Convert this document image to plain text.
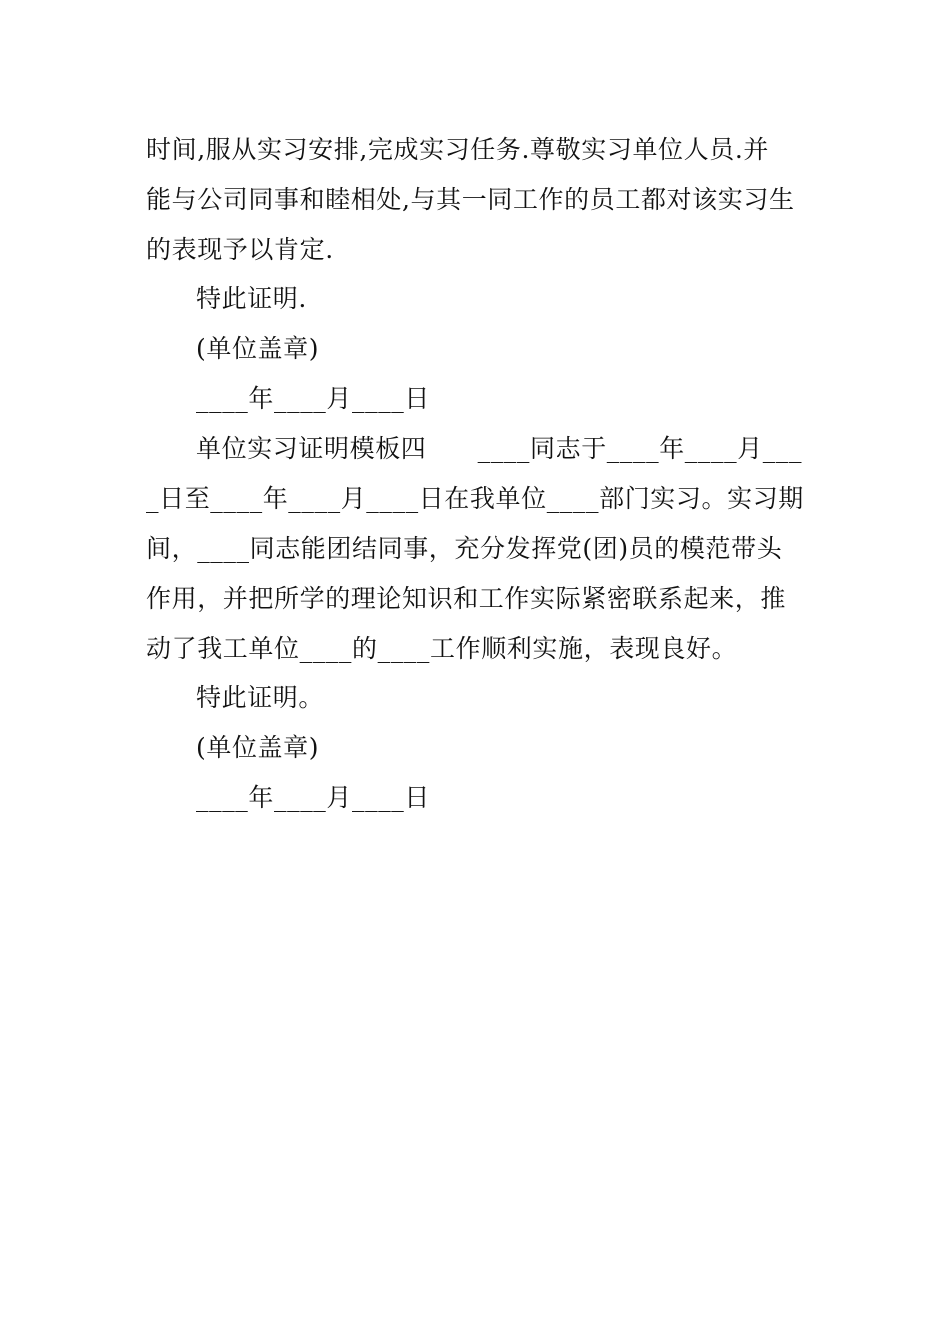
时间,服从实习安排,完成实习任务.尊敬实习单位人员.并
能与公司同事和睦相处,与其一同工作的员工都对该实习生
的表现予以肯定.
特此证明.
(单位盖章)
____年____月____日
单位实习证明模板四　　____同志于____年____月___
_日至____年____月____日在我单位____部门实习。实习期
间，____同志能团结同事，充分发挥党(团)员的模范带头
作用，并把所学的理论知识和工作实际紧密联系起来，推
动了我工单位____的____工作顺利实施，表现良好。
特此证明。
(单位盖章)
____年____月____日
